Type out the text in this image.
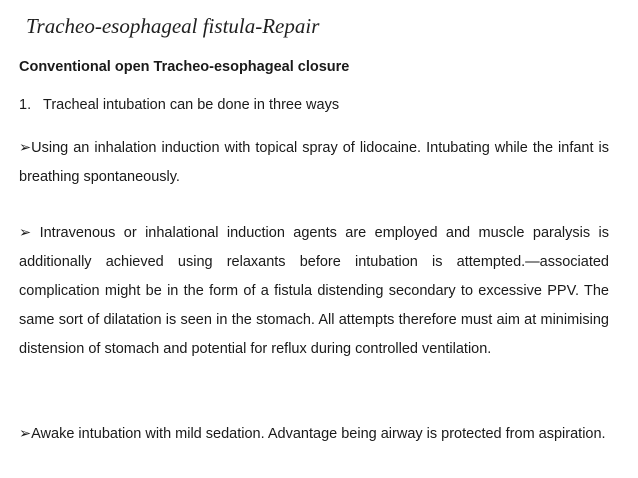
Tracheo-esophageal fistula-Repair
Conventional open Tracheo-esophageal closure
1. Tracheal intubation can be done in three ways
➢Using an inhalation induction with topical spray of lidocaine. Intubating while the infant is breathing spontaneously.
➢ Intravenous or inhalational induction agents are employed and muscle paralysis is additionally achieved using relaxants before intubation is attempted.—associated complication might be in the form of a fistula distending secondary to excessive PPV. The same sort of dilatation is seen in the stomach. All attempts therefore must aim at minimising distension of stomach and potential for reflux during controlled ventilation.
➢Awake intubation with mild sedation. Advantage being airway is protected from aspiration.
